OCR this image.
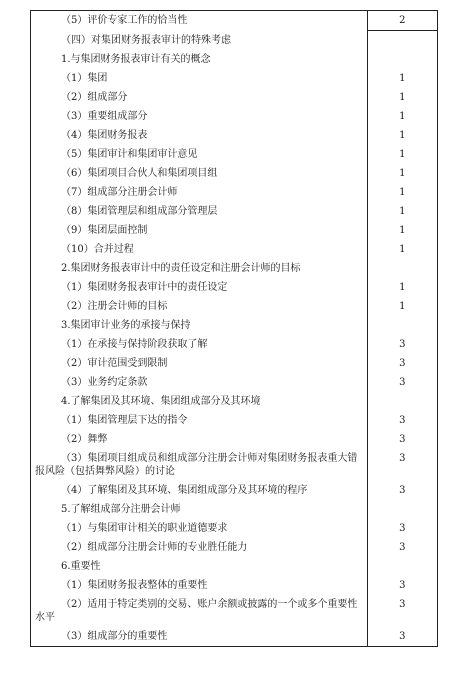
（5）评价专家工作的恰当性	2
（四）对集团财务报表审计的特殊考虑	
1.与集团财务报表审计有关的概念	
（1）集团	1
（2）组成部分	1
（3）重要组成部分	1
（4）集团财务报表	1
（5）集团审计和集团审计意见	1
（6）集团项目合伙人和集团项目组	1
（7）组成部分注册会计师	1
（8）集团管理层和组成部分管理层	1
（9）集团层面控制	1
（10）合并过程	1
2.集团财务报表审计中的责任设定和注册会计师的目标	
（1）集团财务报表审计中的责任设定	1
（2）注册会计师的目标	1
3.集团审计业务的承接与保持	
（1）在承接与保持阶段获取了解	3
（2）审计范围受到限制	3
（3）业务约定条款	3
4.了解集团及其环境、集团组成部分及其环境	
（1）集团管理层下达的指令	3
（2）舞弊	3
（3）集团项目组成员和组成部分注册会计师对集团财务报表重大错报风险（包括舞弊风险）的讨论	3
（4）了解集团及其环境、集团组成部分及其环境的程序	3
5.了解组成部分注册会计师	
（1）与集团审计相关的职业道德要求	3
（2）组成部分注册会计师的专业胜任能力	3
6.重要性	
（1）集团财务报表整体的重要性	3
（2）适用于特定类别的交易、账户余额或披露的一个或多个重要性水平	3
（3）组成部分的重要性	3
